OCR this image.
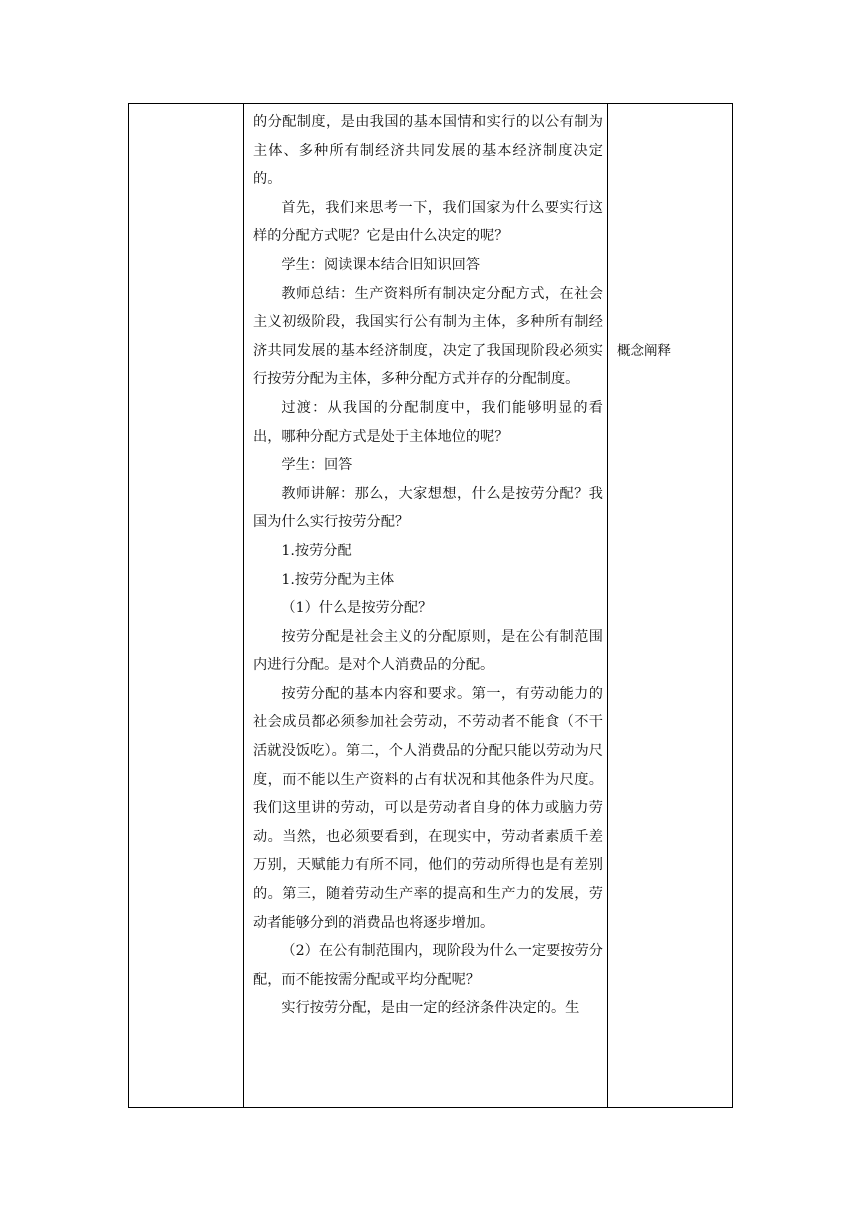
的分配制度，是由我国的基本国情和实行的以公有制为主体、多种所有制经济共同发展的基本经济制度决定的。

首先，我们来思考一下，我们国家为什么要实行这样的分配方式呢？它是由什么决定的呢？

学生：阅读课本结合旧知识回答

教师总结：生产资料所有制决定分配方式，在社会主义初级阶段，我国实行公有制为主体，多种所有制经济共同发展的基本经济制度，决定了我国现阶段必须实行按劳分配为主体，多种分配方式并存的分配制度。

过渡：从我国的分配制度中，我们能够明显的看出，哪种分配方式是处于主体地位的呢？

学生：回答

教师讲解：那么，大家想想，什么是按劳分配？我国为什么实行按劳分配？

1.按劳分配

1.按劳分配为主体

（1）什么是按劳分配？

按劳分配是社会主义的分配原则，是在公有制范围内进行分配。是对个人消费品的分配。

按劳分配的基本内容和要求。第一，有劳动能力的社会成员都必须参加社会劳动，不劳动者不能食（不干活就没饭吃）。第二，个人消费品的分配只能以劳动为尺度，而不能以生产资料的占有状况和其他条件为尺度。我们这里讲的劳动，可以是劳动者自身的体力或脑力劳动。当然，也必须要看到，在现实中，劳动者素质千差万别，天赋能力有所不同，他们的劳动所得也是有差别的。第三，随着劳动生产率的提高和生产力的发展，劳动者能够分到的消费品也将逐步增加。

（2）在公有制范围内，现阶段为什么一定要按劳分配，而不能按需分配或平均分配呢？

实行按劳分配，是由一定的经济条件决定的。生

概念阐释
